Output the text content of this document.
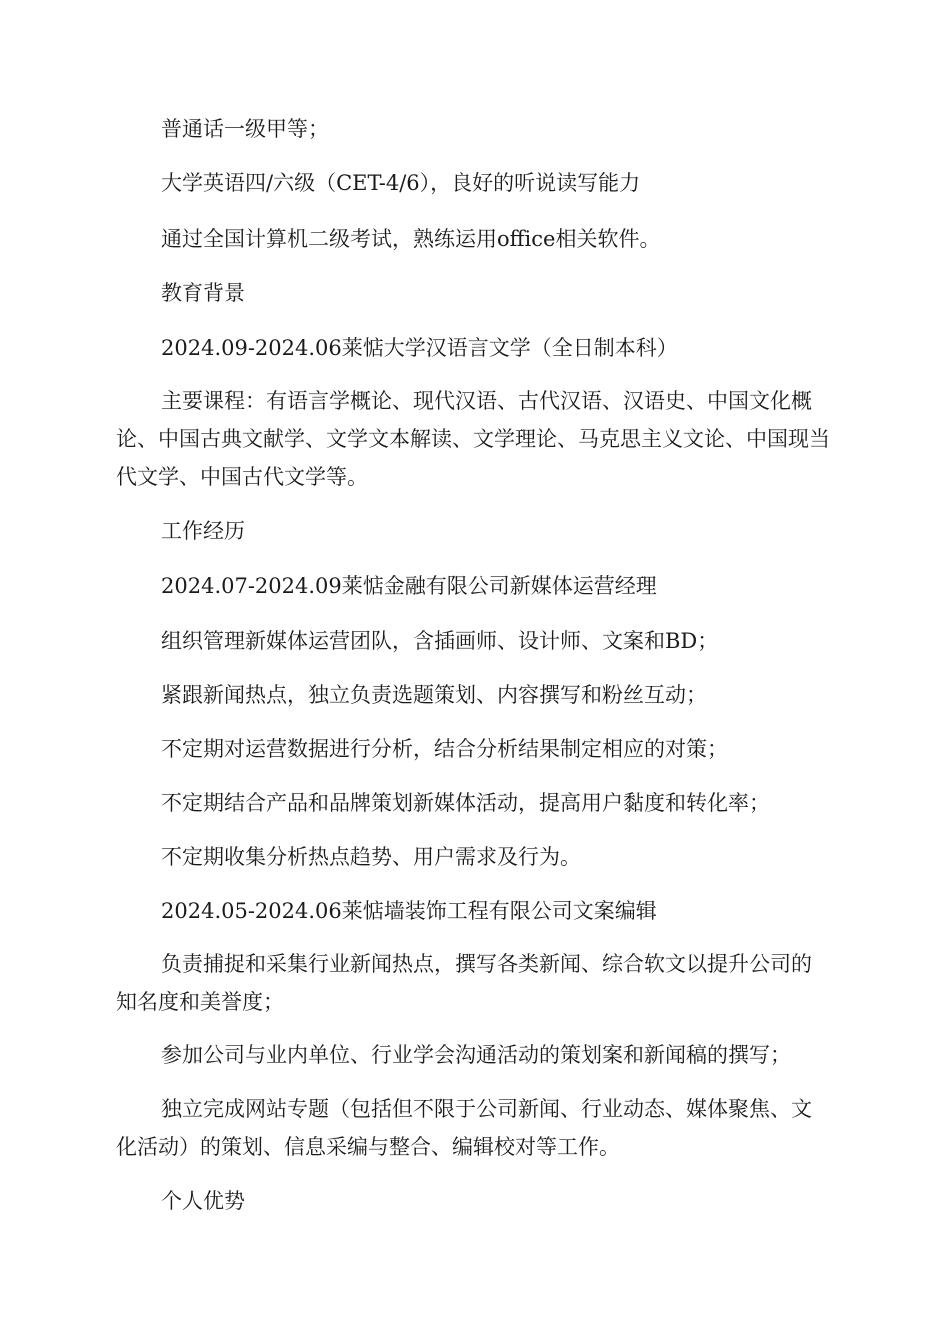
普通话一级甲等；

大学英语四/六级（CET-4/6），良好的听说读写能力

通过全国计算机二级考试，熟练运用office相关软件。

教育背景

2024.09-2024.06莱惦大学汉语言文学（全日制本科）

主要课程：有语言学概论、现代汉语、古代汉语、汉语史、中国文化概论、中国古典文献学、文学文本解读、文学理论、马克思主义文论、中国现当代文学、中国古代文学等。

工作经历

2024.07-2024.09莱惦金融有限公司新媒体运营经理

组织管理新媒体运营团队，含插画师、设计师、文案和BD；

紧跟新闻热点，独立负责选题策划、内容撰写和粉丝互动；

不定期对运营数据进行分析，结合分析结果制定相应的对策；

不定期结合产品和品牌策划新媒体活动，提高用户黏度和转化率；

不定期收集分析热点趋势、用户需求及行为。

2024.05-2024.06莱惦墙装饰工程有限公司文案编辑

负责捕捉和采集行业新闻热点，撰写各类新闻、综合软文以提升公司的知名度和美誉度；

参加公司与业内单位、行业学会沟通活动的策划案和新闻稿的撰写；

独立完成网站专题（包括但不限于公司新闻、行业动态、媒体聚焦、文化活动）的策划、信息采编与整合、编辑校对等工作。

个人优势
